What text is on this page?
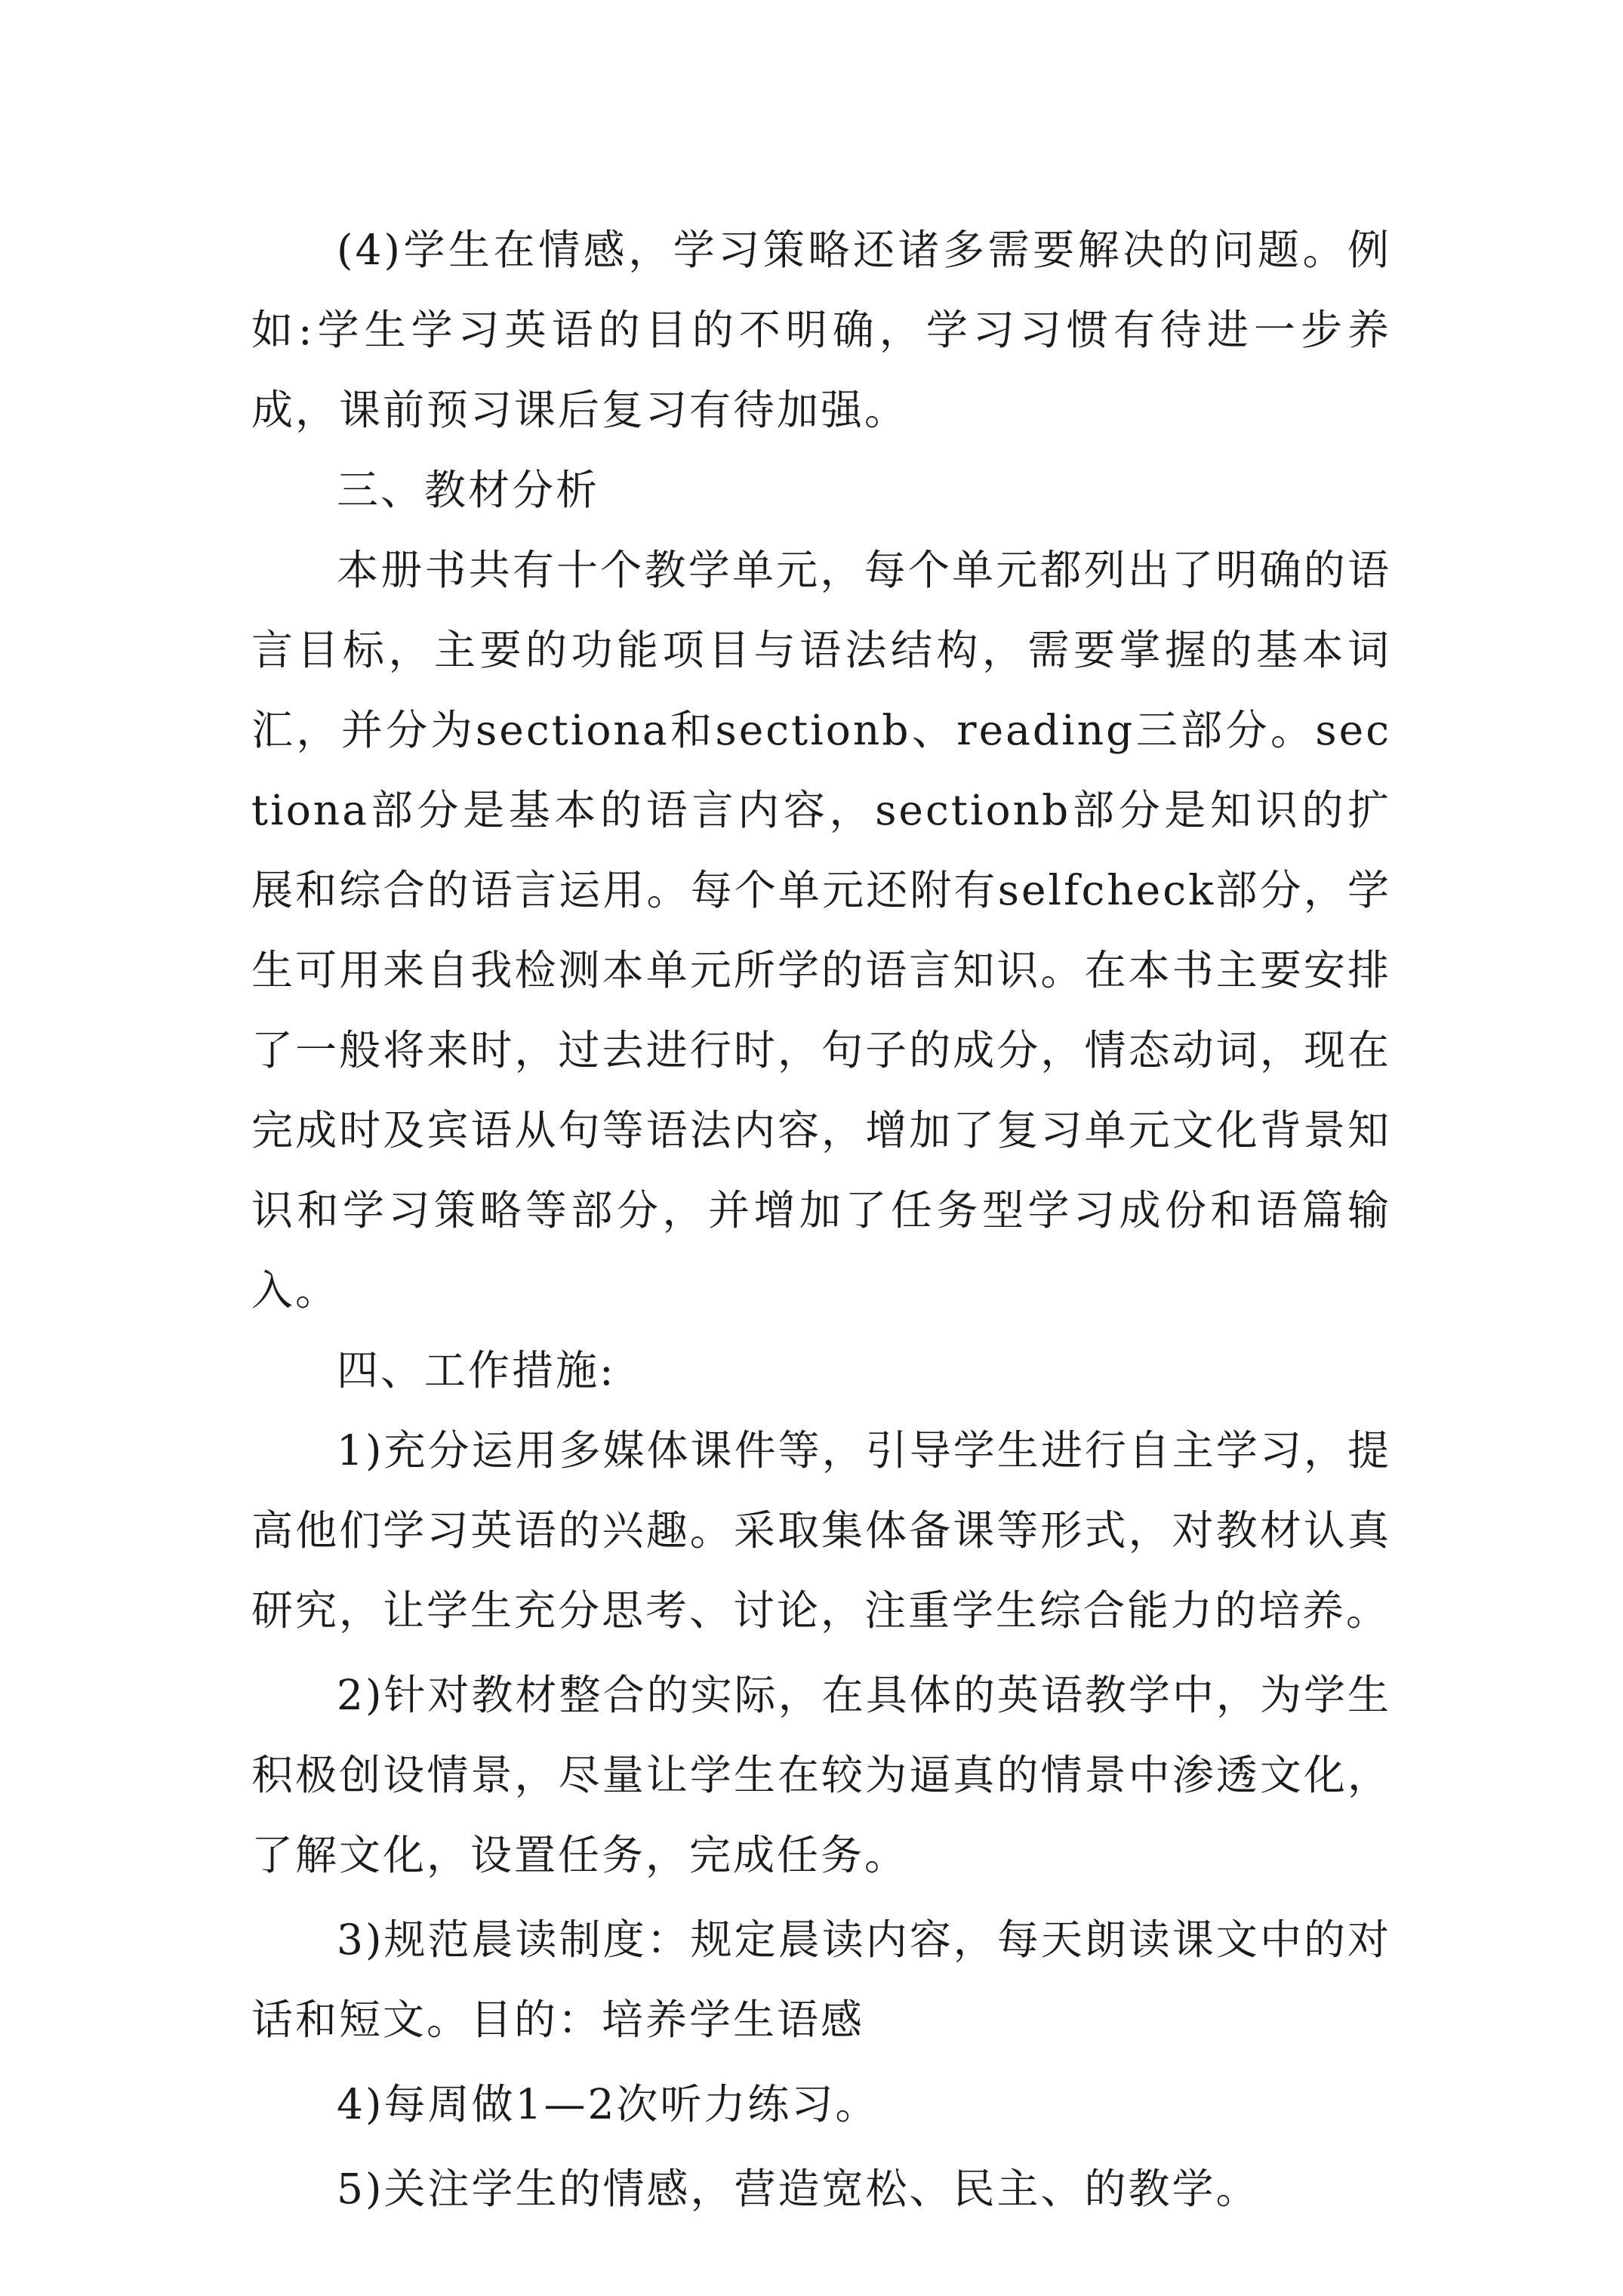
(4)学生在情感，学习策略还诸多需要解决的问题。例如:学生学习英语的目的不明确，学习习惯有待进一步养成，课前预习课后复习有待加强。

三、教材分析

本册书共有十个教学单元，每个单元都列出了明确的语言目标，主要的功能项目与语法结构，需要掌握的基本词汇，并分为sectiona和sectionb、reading三部分。sectiona部分是基本的语言内容，sectionb部分是知识的扩展和综合的语言运用。每个单元还附有selfcheck部分，学生可用来自我检测本单元所学的语言知识。在本书主要安排了一般将来时，过去进行时，句子的成分，情态动词，现在完成时及宾语从句等语法内容，增加了复习单元文化背景知识和学习策略等部分，并增加了任务型学习成份和语篇输入。

四、工作措施:

1)充分运用多媒体课件等，引导学生进行自主学习，提高他们学习英语的兴趣。采取集体备课等形式，对教材认真研究，让学生充分思考、讨论，注重学生综合能力的培养。

2)针对教材整合的实际，在具体的英语教学中，为学生积极创设情景，尽量让学生在较为逼真的情景中渗透文化，了解文化，设置任务，完成任务。

3)规范晨读制度：规定晨读内容，每天朗读课文中的对话和短文。目的：培养学生语感

4)每周做1—2次听力练习。

5)关注学生的情感，营造宽松、民主、的教学。
